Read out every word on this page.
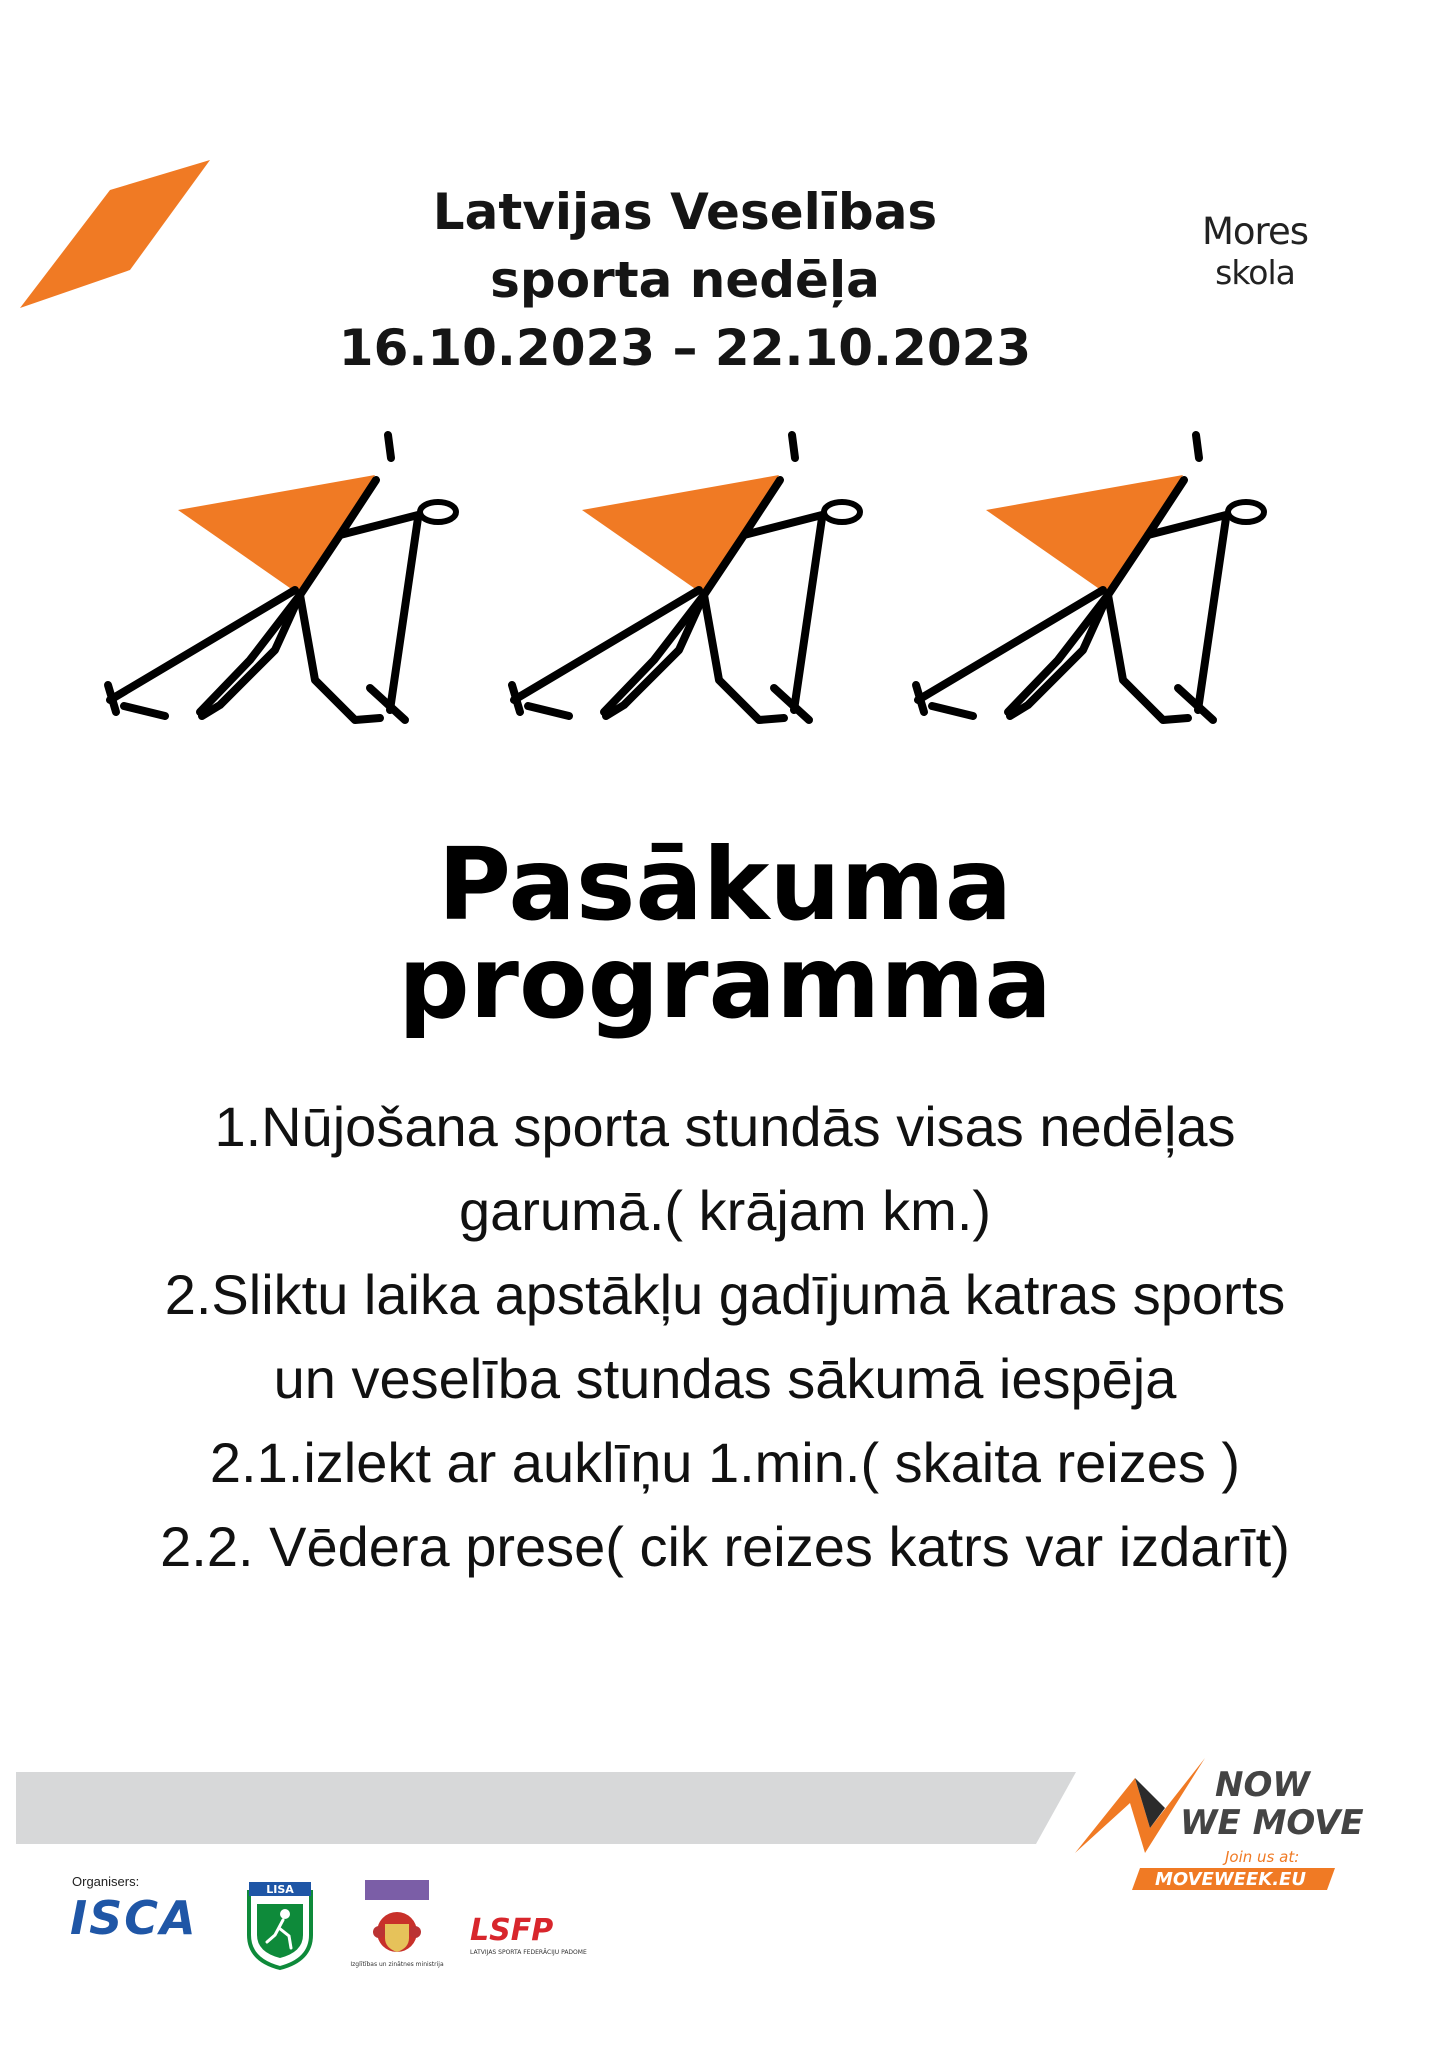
Latvijas Veselības
sporta nedēļa
16.10.2023 – 22.10.2023
Mores
skola
Pasākuma
programma
1.Nūjošana sporta stundās visas nedēļas
garumā.( krājam km.)
2.Sliktu laika apstākļu gadījumā katras sports
un veselība stundas sākumā iespēja
2.1.izlekt ar auklīņu 1.min.( skaita reizes )
2.2. Vēdera prese( cik reizes katrs var izdarīt)
NOW
WE MOVE
Join us at:
MOVEWEEK.EU
Organisers:
ISCA
LISA
Izglītības un zinātnes ministrija
LSFP
LATVIJAS SPORTA FEDERĀCIJU PADOME
